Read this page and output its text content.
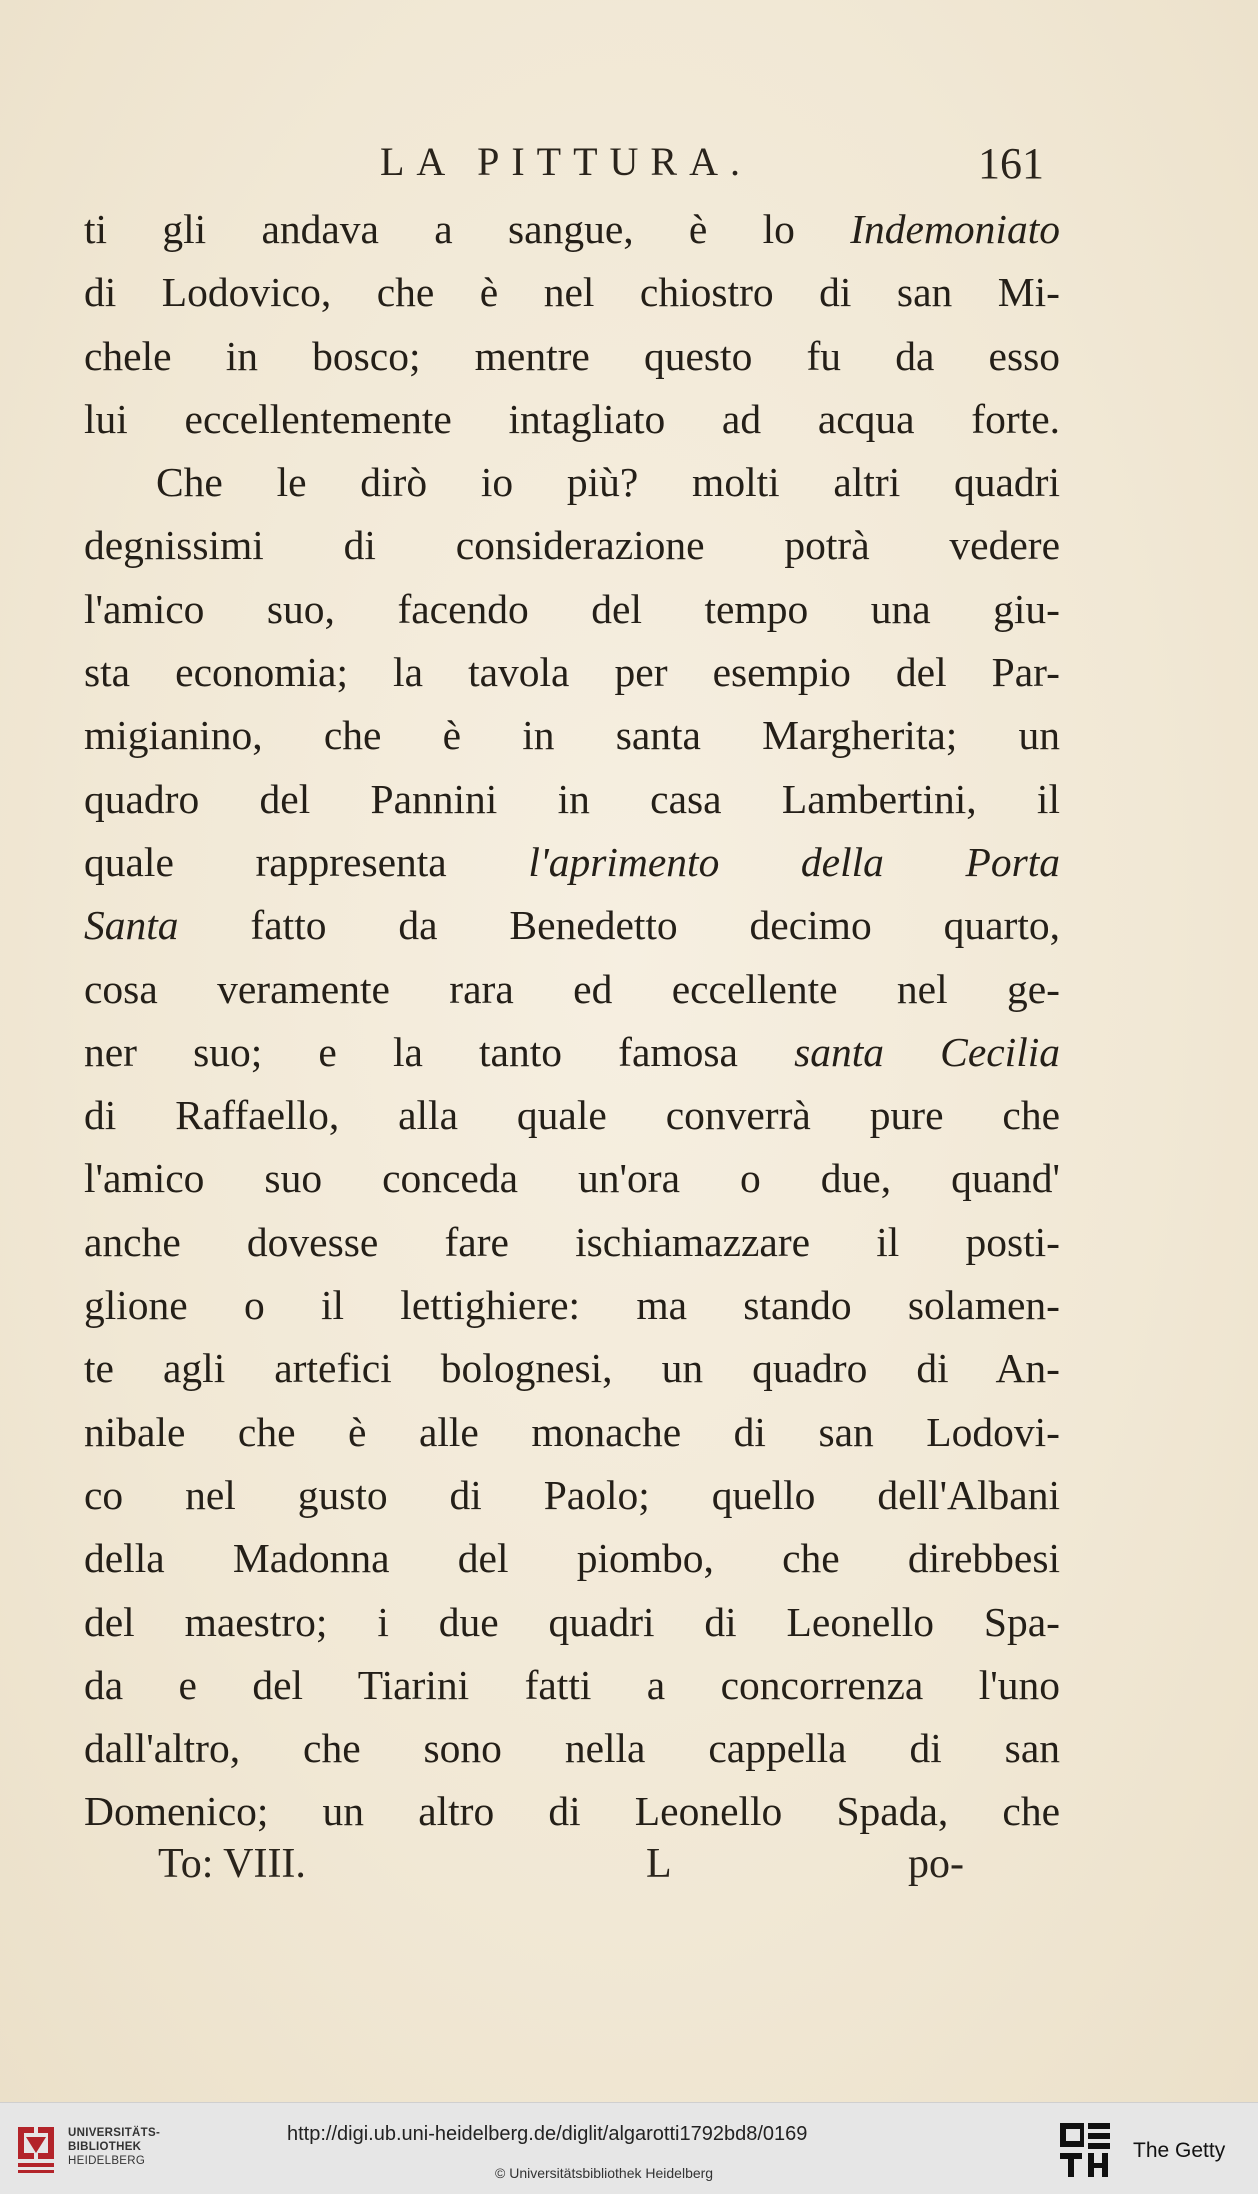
LA PITTURA.	161
ti gli andava a sangue, è lo Indemoniato
di Lodovico, che è nel chiostro di san Mi-
chele in bosco; mentre questo fu da esso
lui eccellentemente intagliato ad acqua forte.
Che le dirò io più? molti altri quadri
degnissimi di considerazione potrà vedere
l'amico suo, facendo del tempo una giu-
sta economia; la tavola per esempio del Par-
migianino, che è in santa Margherita; un
quadro del Pannini in casa Lambertini, il
quale rappresenta l'aprimento della Porta
Santa fatto da Benedetto decimo quarto,
cosa veramente rara ed eccellente nel ge-
ner suo; e la tanto famosa santa Cecilia
di Raffaello, alla quale converrà pure che
l'amico suo conceda un'ora o due, quand'
anche dovesse fare ischiamazzare il posti-
glione o il lettighiere: ma stando solamen-
te agli artefici bolognesi, un quadro di An-
nibale che è alle monache di san Lodovi-
co nel gusto di Paolo; quello dell'Albani
della Madonna del piombo, che direbbesi
del maestro; i due quadri di Leonello Spa-
da e del Tiarini fatti a concorrenza l'uno
dall'altro, che sono nella cappella di san
Domenico; un altro di Leonello Spada, che
To: VIII.	L	po-
UNIVERSITÄTS-
BIBLIOTHEK
HEIDELBERG
http://digi.ub.uni-heidelberg.de/diglit/algarotti1792bd8/0169
© Universitätsbibliothek Heidelberg
The Getty
